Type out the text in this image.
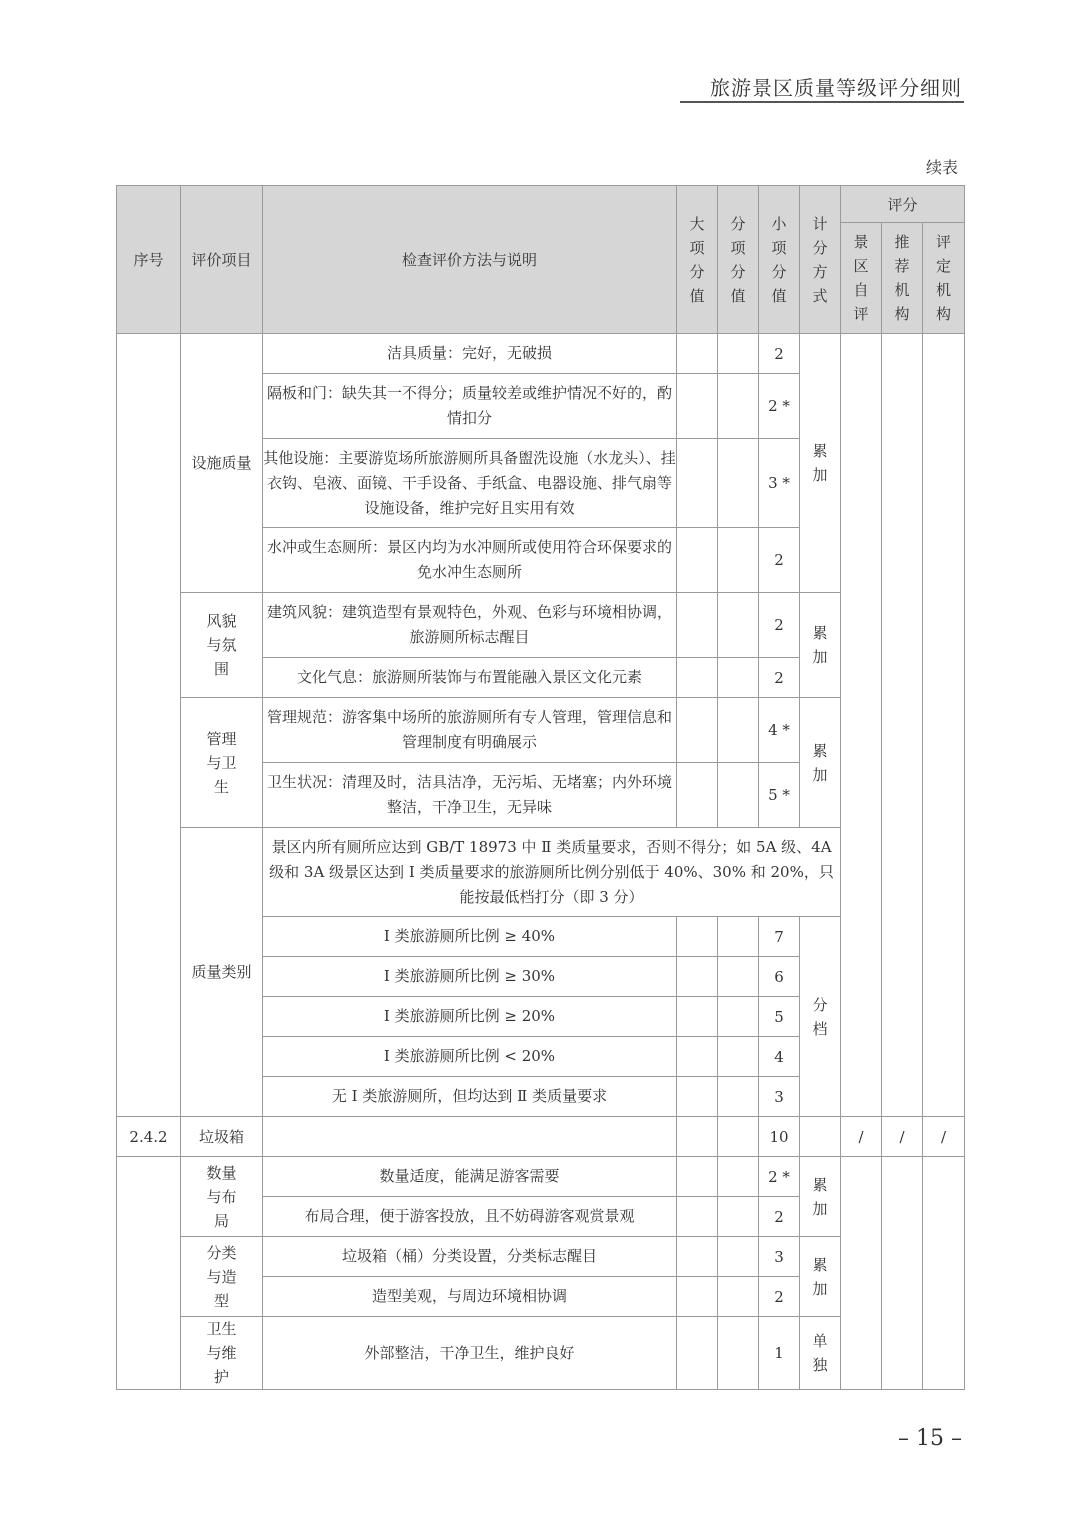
旅游景区质量等级评分细则
续表
序号	评价项目	检查评价方法与说明	大项分值	分项分值	小项分值	计分方式	评分		
							景区自评	推荐机构	评定机构
	设施质量	洁具质量：完好，无破损			2	累加			
		隔板和门：缺失其一不得分；质量较差或维护情况不好的，酌情扣分			2 *				
		其他设施：主要游览场所旅游厕所具备盥洗设施（水龙头）、挂衣钩、皂液、面镜、干手设备、手纸盒、电器设施、排气扇等设施设备，维护完好且实用有效			3 *				
		水冲或生态厕所：景区内均为水冲厕所或使用符合环保要求的免水冲生态厕所			2				
	风貌与氛围	建筑风貌：建筑造型有景观特色，外观、色彩与环境相协调，旅游厕所标志醒目			2	累加			
		文化气息：旅游厕所装饰与布置能融入景区文化元素			2				
	管理与卫生	管理规范：游客集中场所的旅游厕所有专人管理，管理信息和管理制度有明确展示			4 *	累加			
		卫生状况：清理及时，洁具洁净，无污垢、无堵塞；内外环境整洁，干净卫生，无异味			5 *				
	质量类别	景区内所有厕所应达到 GB/T 18973 中 Ⅱ 类质量要求，否则不得分；如 5A 级、4A 级和 3A 级景区达到 Ⅰ 类质量要求的旅游厕所比例分别低于 40%、30% 和 20%，只能按最低档打分（即 3 分）							
		Ⅰ 类旅游厕所比例 ≥ 40%			7	分档			
		Ⅰ 类旅游厕所比例 ≥ 30%			6				
		Ⅰ 类旅游厕所比例 ≥ 20%			5				
		Ⅰ 类旅游厕所比例 < 20%			4				
		无 Ⅰ 类旅游厕所，但均达到 Ⅱ 类质量要求			3				
2.4.2	垃圾箱				10		/	/	/
	数量与布局	数量适度，能满足游客需要			2 *	累加			
		布局合理，便于游客投放，且不妨碍游客观赏景观			2				
	分类与造型	垃圾箱（桶）分类设置，分类标志醒目			3	累加			
		造型美观，与周边环境相协调			2				
	卫生与维护	外部整洁，干净卫生，维护良好			1	单独			
– 15 –
